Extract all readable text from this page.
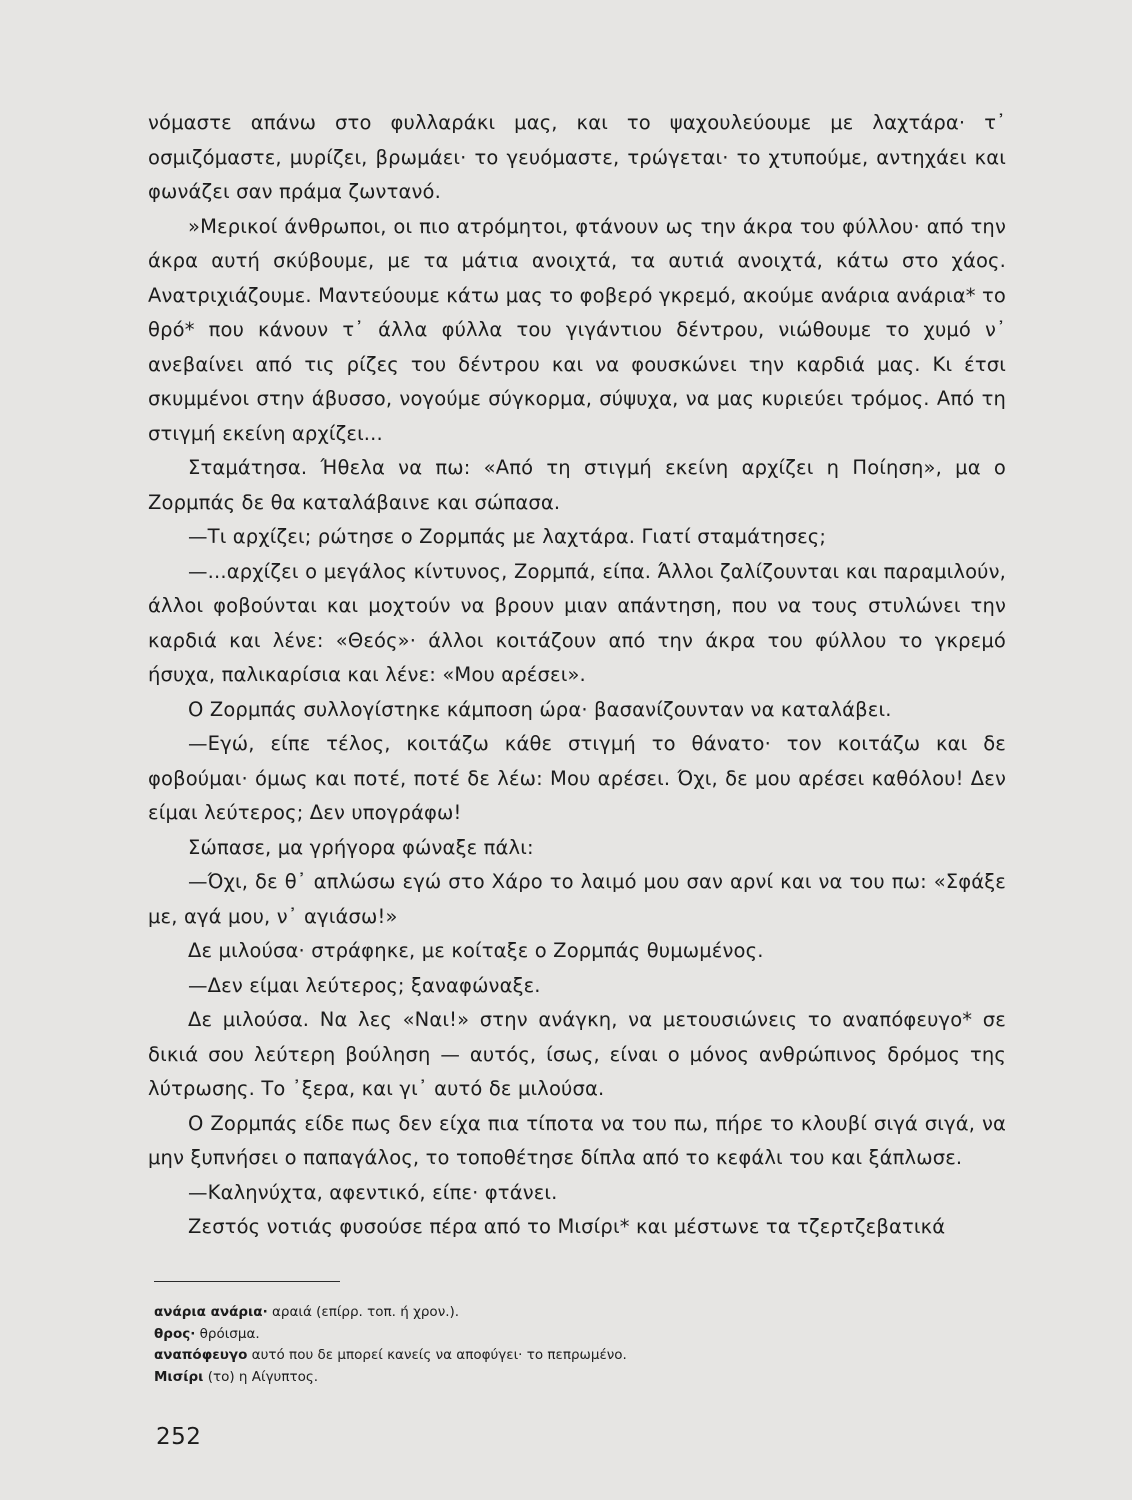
νόμαστε απάνω στο φυλλαράκι μας, και το ψαχουλεύουμε με λαχτάρα· τ᾽ οσμιζόμαστε, μυρίζει, βρωμάει· το γευόμαστε, τρώγεται· το χτυπούμε, αντηχάει και φωνάζει σαν πράμα ζωντανό.

»Μερικοί άνθρωποι, οι πιο ατρόμητοι, φτάνουν ως την άκρα του φύλλου· από την άκρα αυτή σκύβουμε, με τα μάτια ανοιχτά, τα αυτιά ανοιχτά, κάτω στο χάος. Ανατριχιάζουμε. Μαντεύουμε κάτω μας το φοβερό γκρεμό, ακούμε ανάρια ανάρια* το θρό* που κάνουν τ᾽ άλλα φύλλα του γιγάντιου δέντρου, νιώθουμε το χυμό ν᾽ ανεβαίνει από τις ρίζες του δέντρου και να φουσκώνει την καρδιά μας. Κι έτσι σκυμμένοι στην άβυσσο, νογούμε σύγκορμα, σύψυχα, να μας κυριεύει τρόμος. Από τη στιγμή εκείνη αρχίζει...

Σταμάτησα. Ήθελα να πω: «Από τη στιγμή εκείνη αρχίζει η Ποίηση», μα ο Ζορμπάς δε θα καταλάβαινε και σώπασα.

—Τι αρχίζει; ρώτησε ο Ζορμπάς με λαχτάρα. Γιατί σταμάτησες;

—...αρχίζει ο μεγάλος κίντυνος, Ζορμπά, είπα. Άλλοι ζαλίζουνται και παραμιλούν, άλλοι φοβούνται και μοχτούν να βρουν μιαν απάντηση, που να τους στυλώνει την καρδιά και λένε: «Θεός»· άλλοι κοιτάζουν από την άκρα του φύλλου το γκρεμό ήσυχα, παλικαρίσια και λένε: «Μου αρέσει».

Ο Ζορμπάς συλλογίστηκε κάμποση ώρα· βασανίζουνταν να καταλάβει.

—Εγώ, είπε τέλος, κοιτάζω κάθε στιγμή το θάνατο· τον κοιτάζω και δε φοβούμαι· όμως και ποτέ, ποτέ δε λέω: Μου αρέσει. Όχι, δε μου αρέσει καθόλου! Δεν είμαι λεύτερος; Δεν υπογράφω!

Σώπασε, μα γρήγορα φώναξε πάλι:

—Όχι, δε θ᾽ απλώσω εγώ στο Χάρο το λαιμό μου σαν αρνί και να του πω: «Σφάξε με, αγά μου, ν᾽ αγιάσω!»

Δε μιλούσα· στράφηκε, με κοίταξε ο Ζορμπάς θυμωμένος.

—Δεν είμαι λεύτερος; ξαναφώναξε.

Δε μιλούσα. Να λες «Ναι!» στην ανάγκη, να μετουσιώνεις το αναπόφευγο* σε δικιά σου λεύτερη βούληση — αυτός, ίσως, είναι ο μόνος ανθρώπινος δρόμος της λύτρωσης. Το ᾽ξερα, και γι᾽ αυτό δε μιλούσα.

Ο Ζορμπάς είδε πως δεν είχα πια τίποτα να του πω, πήρε το κλουβί σιγά σιγά, να μην ξυπνήσει ο παπαγάλος, το τοποθέτησε δίπλα από το κεφάλι του και ξάπλωσε.

—Καληνύχτα, αφεντικό, είπε· φτάνει.

Ζεστός νοτιάς φυσούσε πέρα από το Μισίρι* και μέστωνε τα τζερτζεβατικά

ανάρια ανάρια· αραιά (επίρρ. τοπ. ή χρον.).
θρος· θρόισμα.
αναπόφευγο αυτό που δε μπορεί κανείς να αποφύγει· το πεπρωμένο.
Μισίρι (το) η Αίγυπτος.
252
